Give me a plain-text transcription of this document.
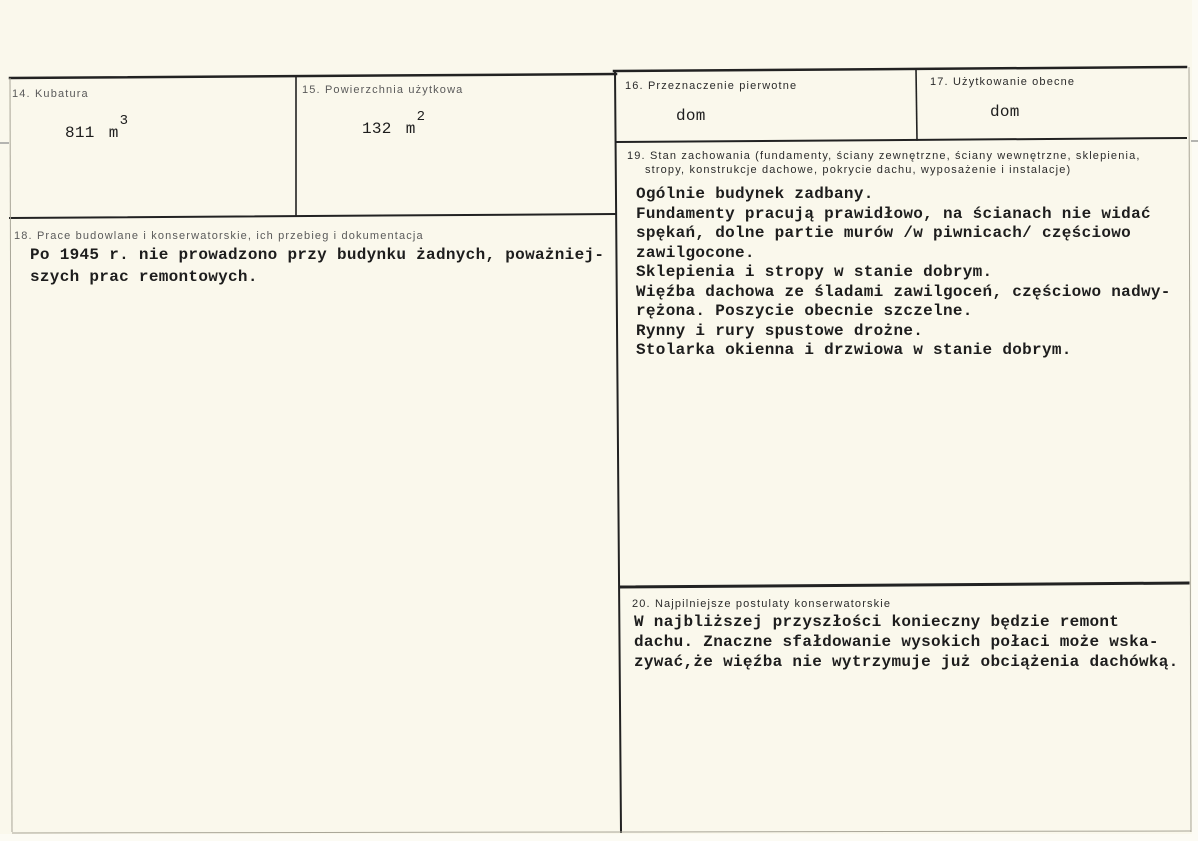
14. Kubatura
811 m3
15. Powierzchnia użytkowa
132 m2
16. Przeznaczenie pierwotne
dom
17. Użytkowanie obecne
dom
18. Prace budowlane i konserwatorskie, ich przebieg i dokumentacja
Po 1945 r. nie prowadzono przy budynku żadnych, poważniej-
szych prac remontowych.
19. Stan zachowania (fundamenty, ściany zewnętrzne, ściany wewnętrzne, sklepienia,
stropy, konstrukcje dachowe, pokrycie dachu, wyposażenie i instalacje)
Ogólnie budynek zadbany.
Fundamenty pracują prawidłowo, na ścianach nie widać
spękań, dolne partie murów /w piwnicach/ częściowo
zawilgocone.
Sklepienia i stropy w stanie dobrym.
Więźba dachowa ze śladami zawilgoceń, częściowo nadwy-
rężona. Poszycie obecnie szczelne.
Rynny i rury spustowe drożne.
Stolarka okienna i drzwiowa w stanie dobrym.
20. Najpilniejsze postulaty konserwatorskie
W najbliższej przyszłości konieczny będzie remont
dachu. Znaczne sfałdowanie wysokich połaci może wska-
zywać,że więźba nie wytrzymuje już obciążenia dachówką.
